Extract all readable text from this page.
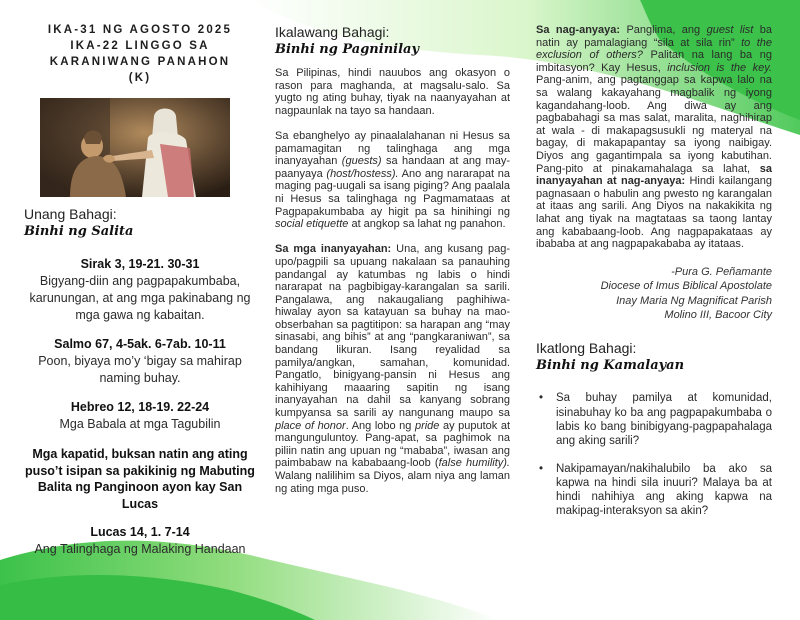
IKA-31 NG AGOSTO 2025
IKA-22 LINGGO SA
KARANIWANG PANAHON
(K)
Unang Bahagi:
Binhi ng Salita
Sirak 3, 19-21. 30-31
Bigyang-diin ang pagpapakumbaba, karunungan, at ang mga pakinabang ng mga gawa ng kabaitan.
Salmo 67, 4-5ak. 6-7ab. 10-11
Poon, biyaya mo’y ‘bigay sa mahirap naming buhay.
Hebreo 12, 18-19. 22-24
Mga Babala at mga Tagubilin
Mga kapatid, buksan natin ang ating puso’t isipan sa pakikinig ng Mabuting Balita ng Panginoon ayon kay San Lucas
Lucas 14, 1. 7-14
Ang Talinghaga ng Malaking Handaan
Ikalawang Bahagi:
Binhi ng Pagninilay

Sa Pilipinas, hindi nauubos ang okasyon o rason para maghanda, at magsalu-salo. Sa yugto ng ating buhay, tiyak na naanyayahan at nagpaunlak na tayo sa handaan.

Sa ebanghelyo ay pinaalalahanan ni Hesus sa pamamagitan ng talinghaga ang mga inanyayahan (guests) sa handaan at ang may-paanyaya (host/hostess). Ano ang nararapat na maging pag-uugali sa isang piging? Ang paalala ni Hesus sa talinghaga ng Pagmamataas at Pagpapakumbaba ay higit pa sa hinihingi ng social etiquette at angkop sa lahat ng panahon.

Sa mga inanyayahan: Una, ang kusang pag-upo/pagpili sa upuang nakalaan sa panauhing pandangal ay katumbas ng labis o hindi nararapat na pagbibigay-karangalan sa sarili. Pangalawa, ang nakaugaliang paghihiwa-hiwalay ayon sa katayuan sa buhay na mao-obserbahan sa pagtitipon: sa harapan ang “may sinasabi, ang bihis” at ang “pangkaraniwan”, sa bandang likuran. Isang reyalidad sa pamilya/angkan, samahan, komunidad. Pangatlo, binigyang-pansin ni Hesus ang kahihiyang maaaring sapitin ng isang inanyayahan na dahil sa kanyang sobrang kumpyansa sa sarili ay nangunang maupo sa place of honor. Ang lobo ng pride ay puputok at mangunguluntoy. Pang-apat, sa paghimok na piliin natin ang upuan ng “mababa”, iwasan ang paimbabaw na kababaang-loob (false humility). Walang nalilihim sa Diyos, alam niya ang laman ng ating mga puso.

Sa nag-anyaya: Panglima, ang guest list ba natin ay pamalagiang “sila at sila rin” to the exclusion of others? Palitan na lang ba ng imbitasyon? Kay Hesus, inclusion is the key. Pang-anim, ang pagtanggap sa kapwa lalo na sa walang kakayahang magbalik ng iyong kagandahang-loob. Ang diwa ay ang pagbabahagi sa mas salat, maralita, naghihirap at wala - di makapagsusukli ng materyal na bagay, di makapapantay sa iyong naibigay. Diyos ang gagantimpala sa iyong kabutihan. Pang-pito at pinakamahalaga sa lahat, sa inanyayahan at nag-anyaya: Hindi kailangang pagnasaan o habulin ang pwesto ng karangalan at itaas ang sarili. Ang Diyos na nakakikita ng lahat ang tiyak na magtataas sa taong lantay ang kababaang-loob. Ang nagpapakataas ay ibababa at ang nagpapakababa ay itataas.

-Pura G. Peñamante
Diocese of Imus Biblical Apostolate
Inay Maria Ng Magnificat Parish
Molino III, Bacoor City
Ikatlong Bahagi:
Binhi ng Kamalayan
• Sa buhay pamilya at komunidad, isinabuhay ko ba ang pagpapakumbaba o labis ko bang binibigyang-pagpapahalaga ang aking sarili?
• Nakipamayan/nakihalubilo ba ako sa kapwa na hindi sila inuuri? Malaya ba at hindi nahihiya ang aking kapwa na makipag-interaksyon sa akin?
